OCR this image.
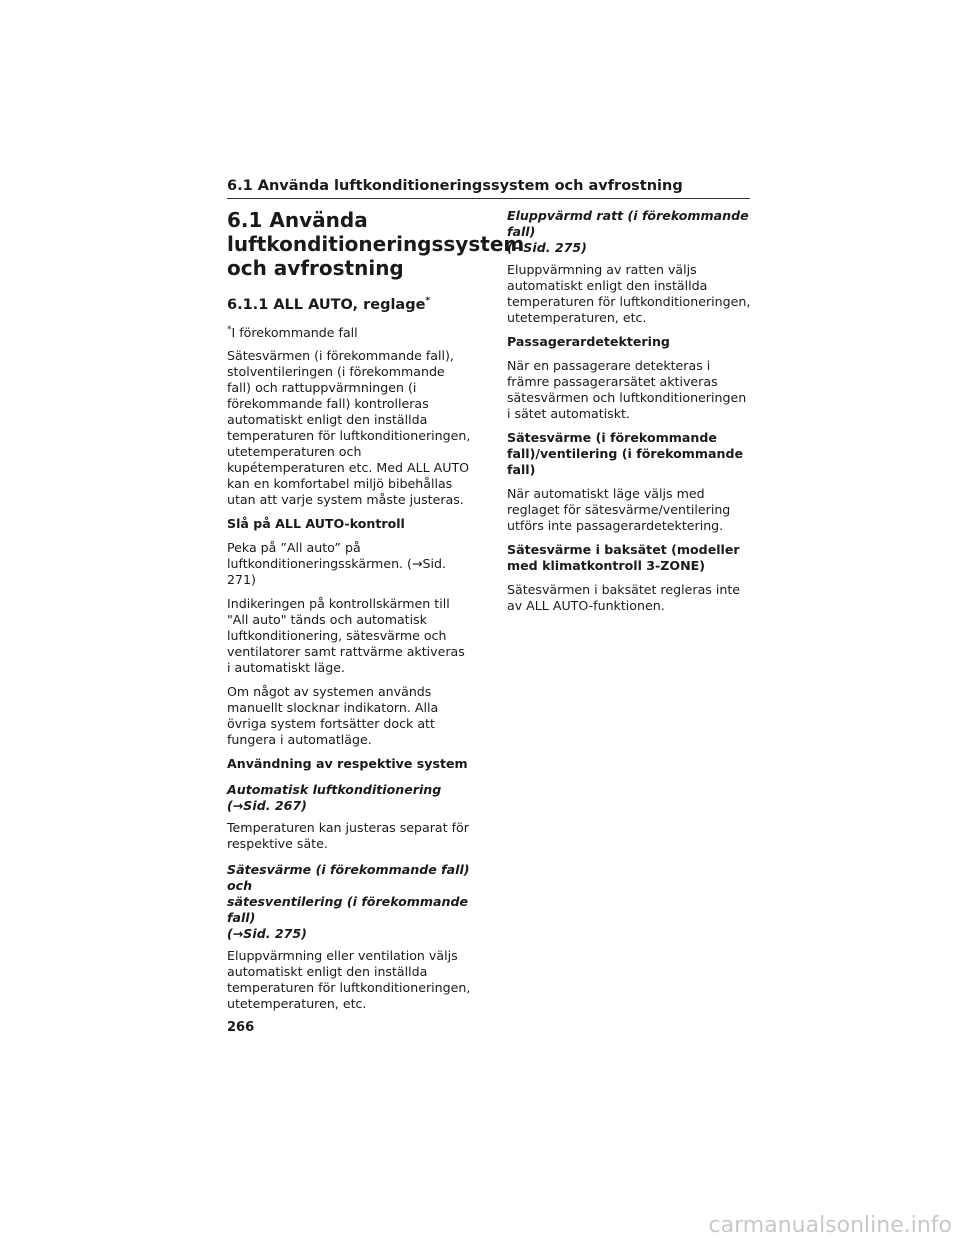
6.1 Använda luftkonditioneringssystem och avfrostning
6.1 Använda
luftkonditioneringssystem
och avfrostning
6.1.1 ALL AUTO, reglage*
*I förekommande fall

Sätesvärmen (i förekommande fall), stolventileringen (i förekommande fall) och rattuppvärmningen (i förekommande fall) kontrolleras automatiskt enligt den inställda temperaturen för luftkonditioneringen, utetemperaturen och kupétemperaturen etc. Med ALL AUTO kan en komfortabel miljö bibehållas utan att varje system måste justeras.

Slå på ALL AUTO-kontroll

Peka på ”All auto” på luftkonditioneringsskärmen. (→Sid. 271)

Indikeringen på kontrollskärmen till "All auto" tänds och automatisk luftkonditionering, sätesvärme och ventilatorer samt rattvärme aktiveras i automatiskt läge.

Om något av systemen används manuellt slocknar indikatorn. Alla övriga system fortsätter dock att fungera i automatläge.

Användning av respektive system
Automatisk luftkonditionering
(→Sid. 267)

Temperaturen kan justeras separat för respektive säte.

Sätesvärme (i förekommande fall) och
sätesventilering (i förekommande fall)
(→Sid. 275)

Eluppvärmning eller ventilation väljs automatiskt enligt den inställda temperaturen för luftkonditioneringen, utetemperaturen, etc.

Eluppvärmd ratt (i förekommande fall)
(→Sid. 275)

Eluppvärmning av ratten väljs automatiskt enligt den inställda temperaturen för luftkonditioneringen, utetemperaturen, etc.

Passagerardetektering

När en passagerare detekteras i främre passagerarsätet aktiveras sätesvärmen och luftkonditioneringen i sätet automatiskt.

Sätesvärme (i förekommande fall)/ventilering (i förekommande fall)

När automatiskt läge väljs med reglaget för sätesvärme/ventilering utförs inte passagerardetektering.

Sätesvärme i baksätet (modeller med klimatkontroll 3-ZONE)

Sätesvärmen i baksätet regleras inte av ALL AUTO-funktionen.

266
carmanualsonline.info
